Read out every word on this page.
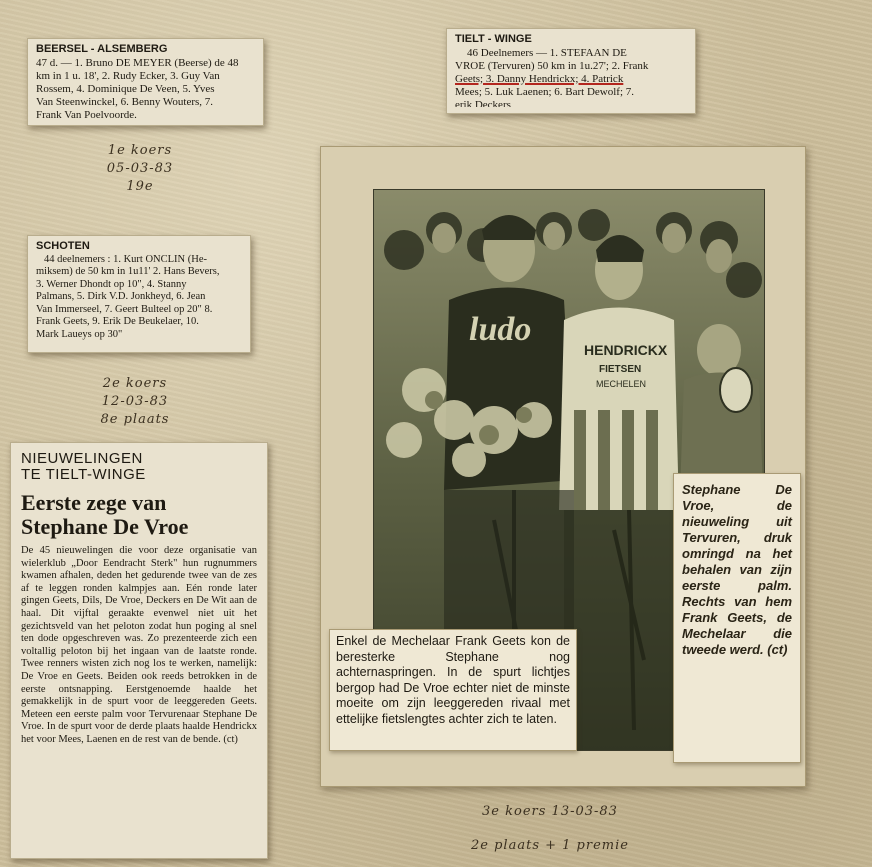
BEERSEL - ALSEMBERG
47 d. — 1. Bruno DE MEYER (Beerse) de 48
km in 1 u. 18', 2. Rudy Ecker, 3. Guy Van
Rossem, 4. Dominique De Veen, 5. Yves
Van Steenwinckel, 6. Benny Wouters, 7.
Frank Van Poelvoorde.
TIELT - WINGE
46 Deelnemers — 1. STEFAAN DE
VROE (Tervuren) 50 km in 1u.27'; 2. Frank
Geets; 3. Danny Hendrickx; 4. Patrick
Mees; 5. Luk Laenen; 6. Bart Dewolf; 7.
erik Deckers
1e koers
05-03-83
19e
SCHOTEN
44 deelnemers : 1. Kurt ONCLIN (He-
miksem) de 50 km in 1u11' 2. Hans Bevers,
3. Werner Dhondt op 10", 4. Stanny
Palmans, 5. Dirk V.D. Jonkheyd, 6. Jean
Van Immerseel, 7. Geert Bulteel op 20" 8.
Frank Geets, 9. Erik De Beukelaer, 10.
Mark Laueys op 30"
2e koers
12-03-83
8e plaats
NIEUWELINGEN
TE TIELT-WINGE
Eerste zege van
Stephane De Vroe
De 45 nieuwelingen die voor deze organisatie van wielerklub „Door Eendracht Sterk" hun rugnummers kwamen afhalen, deden het gedurende twee van de zes af te leggen ronden kalmpjes aan. Eén ronde later gingen Geets, Dils, De Vroe, Deckers en De Wit aan de haal. Dit vijftal geraakte evenwel niet uit het gezichtsveld van het peloton zodat hun poging al snel ten dode opgeschreven was. Zo prezenteerde zich een voltallig peloton bij het ingaan van de laatste ronde. Twee renners wisten zich nog los te werken, namelijk: De Vroe en Geets. Beiden ook reeds betrokken in de eerste ontsnapping. Eerstgenoemde haalde het gemakkelijk in de spurt voor de leeggereden Geets. Meteen een eerste palm voor Tervurenaar Stephane De Vroe. In de spurt voor de derde plaats haalde Hendrickx het voor Mees, Laenen en de rest van de bende. (ct)
ludo
HENDRICKX
FIETSEN
MECHELEN
Enkel de Mechelaar Frank Geets kon de beresterke Stephane nog achternaspringen. In de spurt lichtjes bergop had De Vroe echter niet de minste moeite om zijn leeggereden rivaal met ettelijke fietslengtes achter zich te laten.
Stephane De Vroe, de nieuweling uit Tervuren, druk omringd na het behalen van zijn eerste palm. Rechts van hem Frank Geets, de Mechelaar die tweede werd. (ct)
3e koers 13-03-83
2e plaats + 1 premie
